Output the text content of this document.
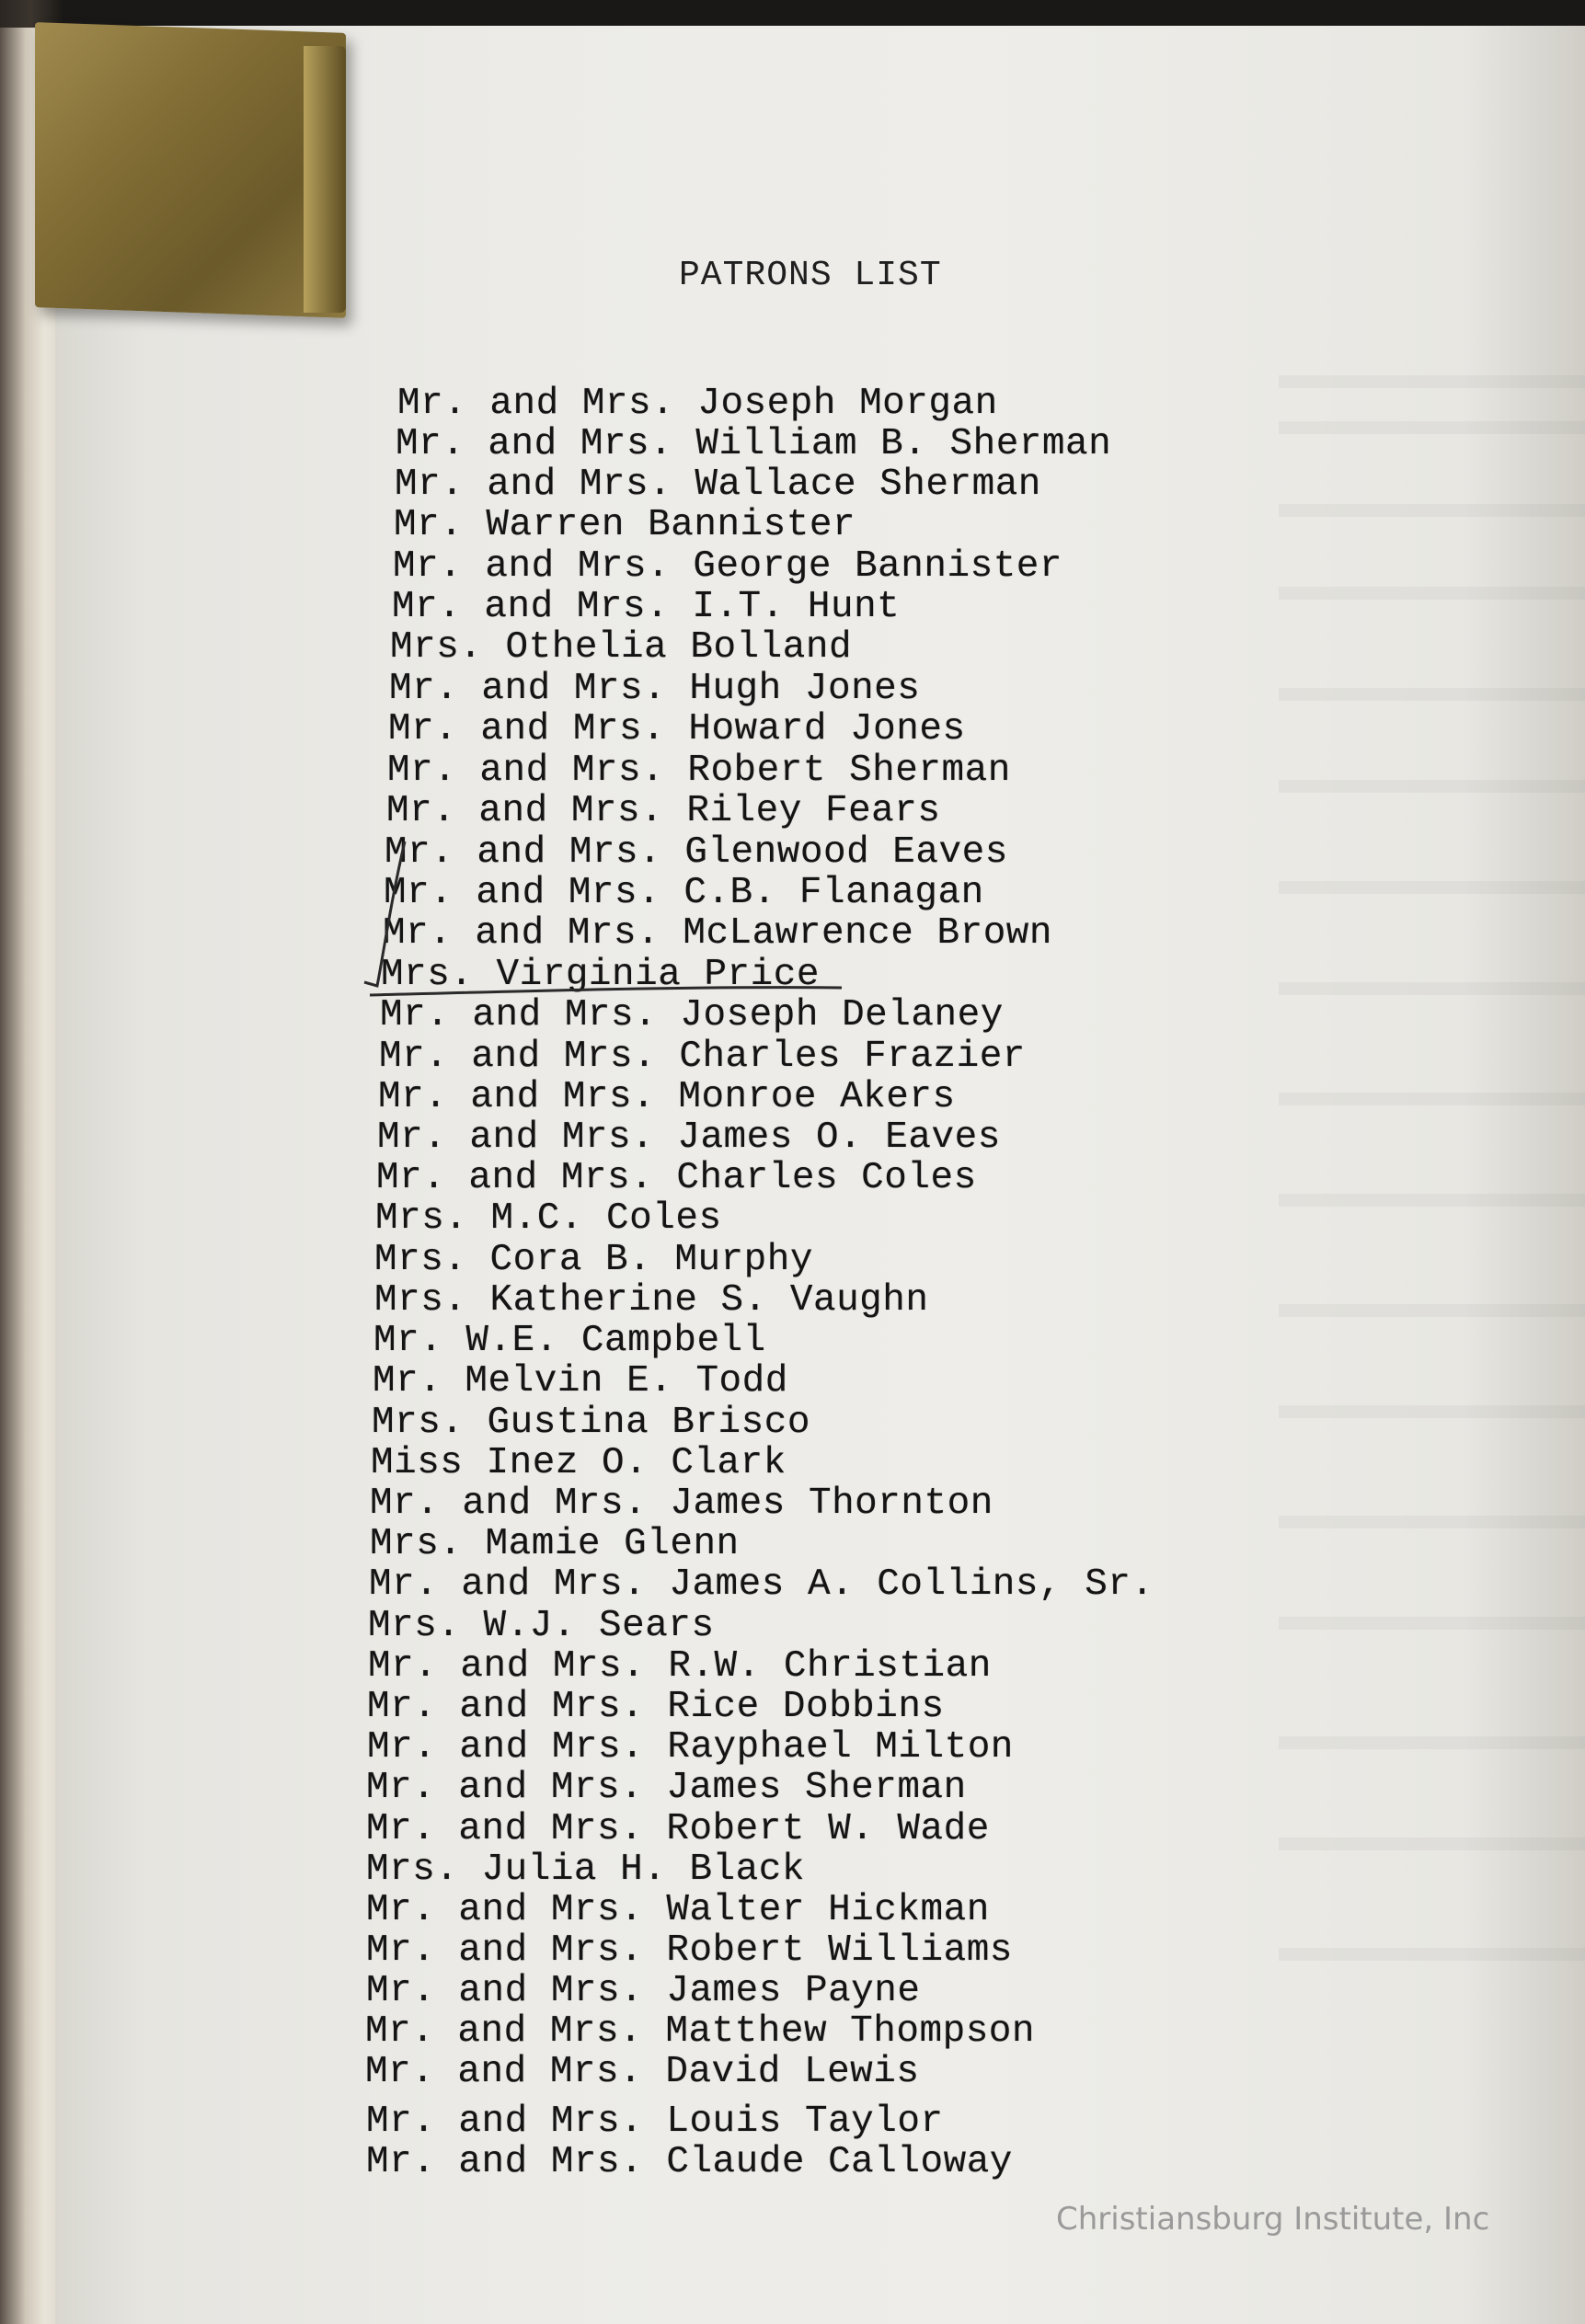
PATRONS LIST
Mr. and Mrs. Joseph Morgan
Mr. and Mrs. William B. Sherman
Mr. and Mrs. Wallace Sherman
Mr. Warren Bannister
Mr. and Mrs. George Bannister
Mr. and Mrs. I.T. Hunt
Mrs. Othelia Bolland
Mr. and Mrs. Hugh Jones
Mr. and Mrs. Howard Jones
Mr. and Mrs. Robert Sherman
Mr. and Mrs. Riley Fears
Mr. and Mrs. Glenwood Eaves
Mr. and Mrs. C.B. Flanagan
Mr. and Mrs. McLawrence Brown
Mrs. Virginia Price
Mr. and Mrs. Joseph Delaney
Mr. and Mrs. Charles Frazier
Mr. and Mrs. Monroe Akers
Mr. and Mrs. James O. Eaves
Mr. and Mrs. Charles Coles
Mrs. M.C. Coles
Mrs. Cora B. Murphy
Mrs. Katherine S. Vaughn
Mr. W.E. Campbell
Mr. Melvin E. Todd
Mrs. Gustina Brisco
Miss Inez O. Clark
Mr. and Mrs. James Thornton
Mrs. Mamie Glenn
Mr. and Mrs. James A. Collins, Sr.
Mrs. W.J. Sears
Mr. and Mrs. R.W. Christian
Mr. and Mrs. Rice Dobbins
Mr. and Mrs. Rayphael Milton
Mr. and Mrs. James Sherman
Mr. and Mrs. Robert W. Wade
Mrs. Julia H. Black
Mr. and Mrs. Walter Hickman
Mr. and Mrs. Robert Williams
Mr. and Mrs. James Payne
Mr. and Mrs. Matthew Thompson
Mr. and Mrs. David Lewis
Mr. and Mrs. Louis Taylor
Mr. and Mrs. Claude Calloway
Christiansburg Institute, Inc
